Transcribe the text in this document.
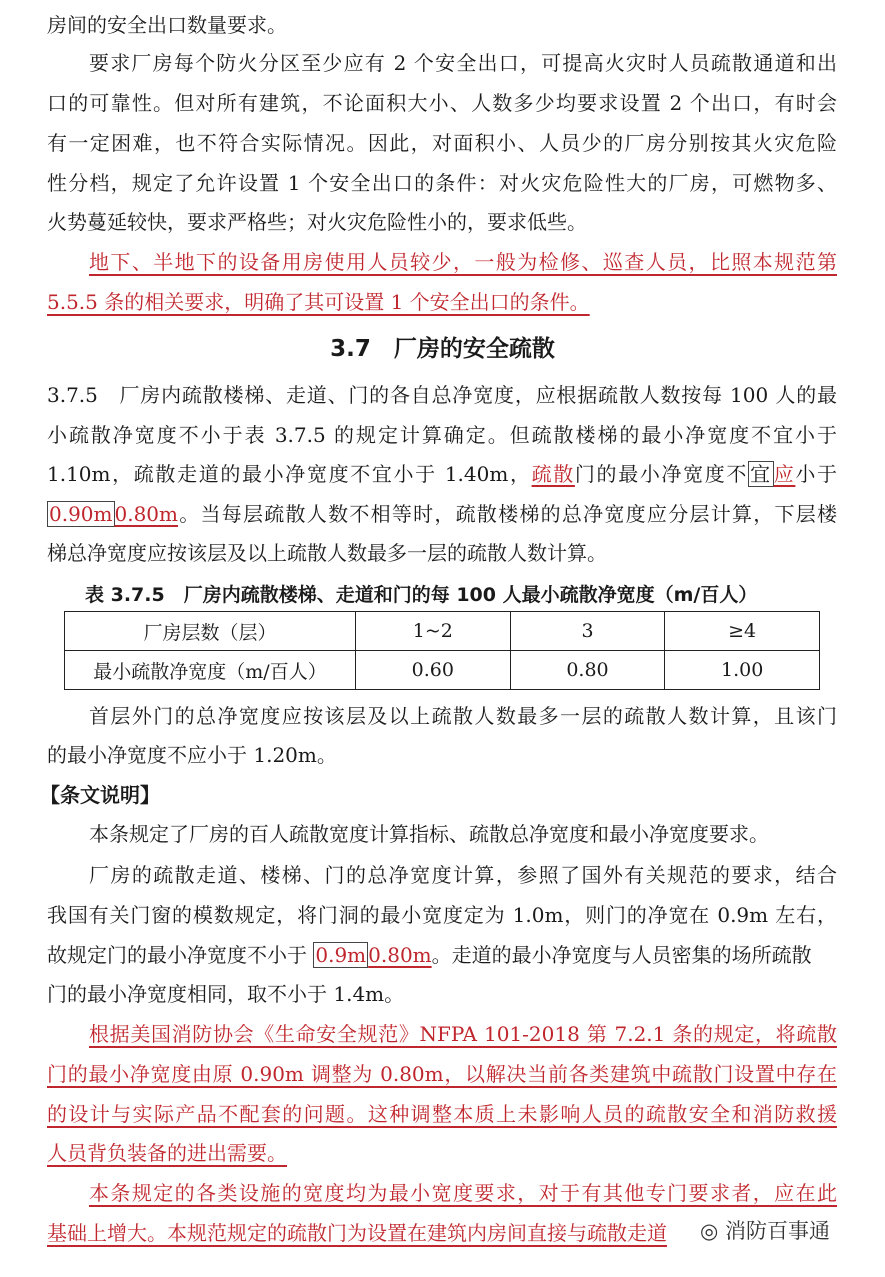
房间的安全出口数量要求。
要求厂房每个防火分区至少应有 2 个安全出口，可提高火灾时人员疏散通道和出
口的可靠性。但对所有建筑，不论面积大小、人数多少均要求设置 2 个出口，有时会
有一定困难，也不符合实际情况。因此，对面积小、人员少的厂房分别按其火灾危险
性分档，规定了允许设置 1 个安全出口的条件：对火灾危险性大的厂房，可燃物多、
火势蔓延较快，要求严格些；对火灾危险性小的，要求低些。
地下、半地下的设备用房使用人员较少，一般为检修、巡查人员，比照本规范第
5.5.5 条的相关要求，明确了其可设置 1 个安全出口的条件。
3.7　厂房的安全疏散
3.7.5　厂房内疏散楼梯、走道、门的各自总净宽度，应根据疏散人数按每 100 人的最
小疏散净宽度不小于表 3.7.5 的规定计算确定。但疏散楼梯的最小净宽度不宜小于
1.10m，疏散走道的最小净宽度不宜小于 1.40m，疏散门的最小净宽度不 宜 应小于
0.90m 0.80m。当每层疏散人数不相等时，疏散楼梯的总净宽度应分层计算，下层楼
梯总净宽度应按该层及以上疏散人数最多一层的疏散人数计算。
表 3.7.5　厂房内疏散楼梯、走道和门的每 100 人最小疏散净宽度（m/百人）
厂房层数（层）	1~2	3	≥4
最小疏散净宽度（m/百人）	0.60	0.80	1.00
首层外门的总净宽度应按该层及以上疏散人数最多一层的疏散人数计算，且该门
的最小净宽度不应小于 1.20m。
【条文说明】
本条规定了厂房的百人疏散宽度计算指标、疏散总净宽度和最小净宽度要求。
厂房的疏散走道、楼梯、门的总净宽度计算，参照了国外有关规范的要求，结合
我国有关门窗的模数规定，将门洞的最小宽度定为 1.0m，则门的净宽在 0.9m 左右，
故规定门的最小净宽度不小于 0.9m 0.80m。走道的最小净宽度与人员密集的场所疏散
门的最小净宽度相同，取不小于 1.4m。
根据美国消防协会《生命安全规范》NFPA 101-2018 第 7.2.1 条的规定，将疏散
门的最小净宽度由原 0.90m 调整为 0.80m，以解决当前各类建筑中疏散门设置中存在
的设计与实际产品不配套的问题。这种调整本质上未影响人员的疏散安全和消防救援
人员背负装备的进出需要。
本条规定的各类设施的宽度均为最小宽度要求，对于有其他专门要求者，应在此
基础上增大。本规范规定的疏散门为设置在建筑内房间直接与疏散走道	◎ 消防百事通
